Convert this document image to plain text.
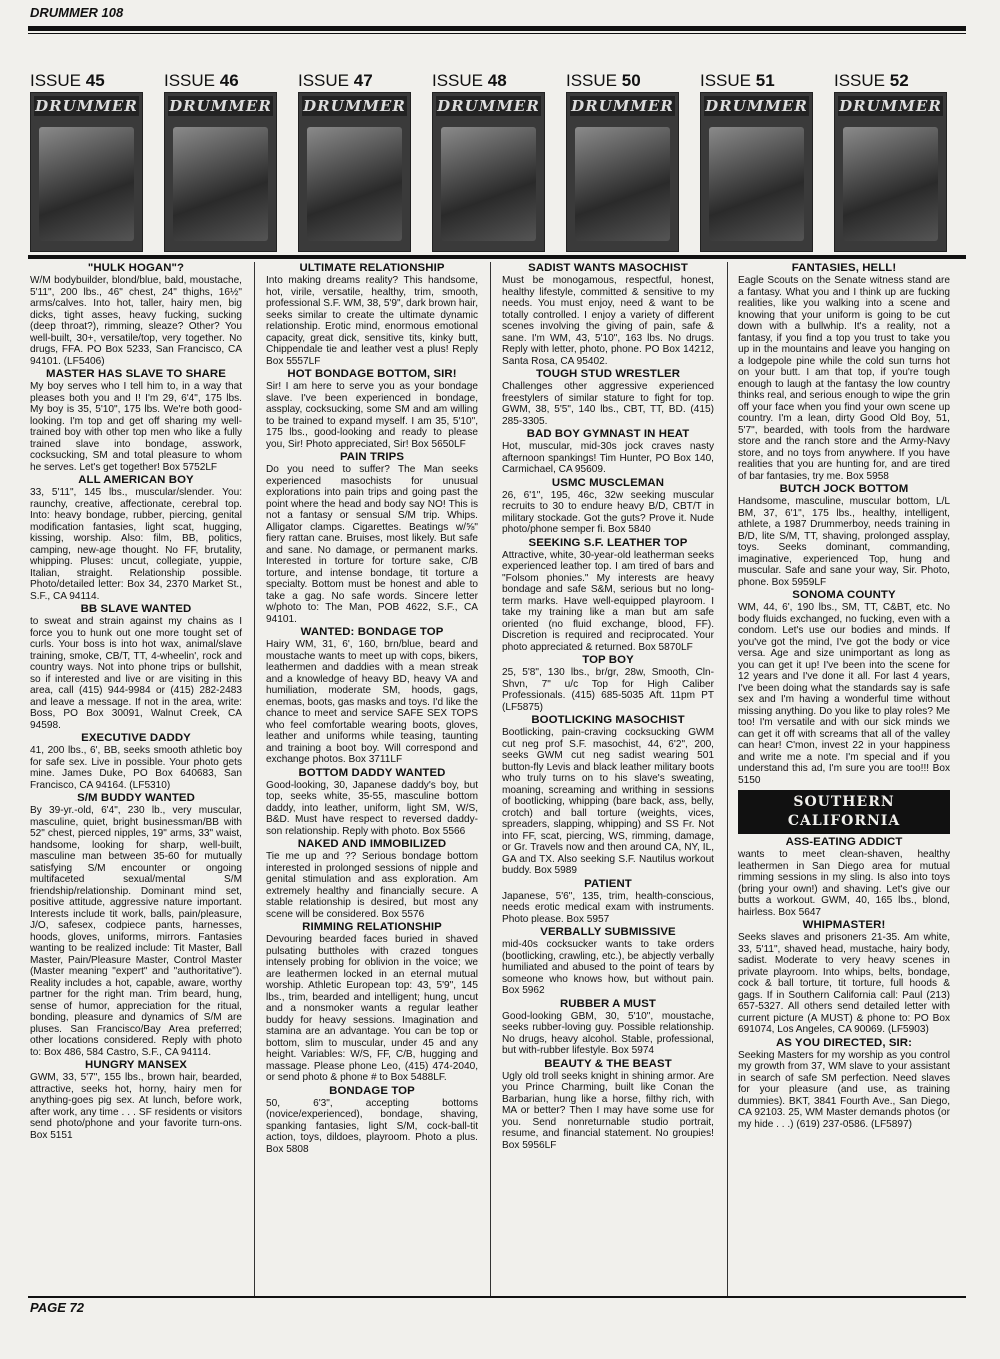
DRUMMER 108
ISSUE 45
DRUMMER
ISSUE 46
DRUMMER
ISSUE 47
DRUMMER
ISSUE 48
DRUMMER
ISSUE 50
DRUMMER
ISSUE 51
DRUMMER
ISSUE 52
DRUMMER
"HULK HOGAN"?

W/M bodybuilder, blond/blue, bald, moustache, 5'11", 200 lbs., 46" chest, 24" thighs, 16½" arms/calves. Into hot, taller, hairy men, big dicks, tight asses, heavy fucking, sucking (deep throat?), rimming, sleaze? Other? You well-built, 30+, versatile/top, very together. No drugs, FFA. PO Box 5233, San Francisco, CA 94101. (LF5406)

MASTER HAS SLAVE TO SHARE

My boy serves who I tell him to, in a way that pleases both you and I! I'm 29, 6'4", 175 lbs. My boy is 35, 5'10", 175 lbs. We're both good-looking. I'm top and get off sharing my well-trained boy with other top men who like a fully trained slave into bondage, asswork, cocksucking, SM and total pleasure to whom he serves. Let's get together! Box 5752LF

ALL AMERICAN BOY

33, 5'11", 145 lbs., muscular/slender. You: raunchy, creative, affectionate, cerebral top. Into: heavy bondage, rubber, piercing, genital modification fantasies, light scat, hugging, kissing, worship. Also: film, BB, politics, camping, new-age thought. No FF, brutality, whipping. Pluses: uncut, collegiate, yuppie, Italian, straight. Relationship possible. Photo/detailed letter: Box 34, 2370 Market St., S.F., CA 94114.

BB SLAVE WANTED

to sweat and strain against my chains as I force you to hunk out one more tought set of curls. Your boss is into hot wax, animal/slave training, smoke, CB/T, TT, 4-wheelin', rock and country ways. Not into phone trips or bullshit, so if interested and live or are visiting in this area, call (415) 944-9984 or (415) 282-2483 and leave a message. If not in the area, write: Boss, PO Box 30091, Walnut Creek, CA 94598.

EXECUTIVE DADDY

41, 200 lbs., 6', BB, seeks smooth athletic boy for safe sex. Live in possible. Your photo gets mine. James Duke, PO Box 640683, San Francisco, CA 94164. (LF5310)

S/M BUDDY WANTED

By 39-yr.-old, 6'4", 230 lb., very muscular, masculine, quiet, bright businessman/BB with 52" chest, pierced nipples, 19" arms, 33" waist, handsome, looking for sharp, well-built, masculine man between 35-60 for mutually satisfying S/M encounter or ongoing multifaceted sexual/mental S/M friendship/relationship. Dominant mind set, positive attitude, aggressive nature important. Interests include tit work, balls, pain/pleasure, J/O, safesex, codpiece pants, harnesses, hoods, gloves, uniforms, mirrors. Fantasies wanting to be realized include: Tit Master, Ball Master, Pain/Pleasure Master, Control Master (Master meaning "expert" and "authoritative"). Reality includes a hot, capable, aware, worthy partner for the right man. Trim beard, hung, sense of humor, appreciation for the ritual, bonding, pleasure and dynamics of S/M are pluses. San Francisco/Bay Area preferred; other locations considered. Reply with photo to: Box 486, 584 Castro, S.F., CA 94114.

HUNGRY MANSEX

GWM, 33, 5'7", 155 lbs., brown hair, bearded, attractive, seeks hot, horny, hairy men for anything-goes pig sex. At lunch, before work, after work, any time . . . SF residents or visitors send photo/phone and your favorite turn-ons. Box 5151

ULTIMATE RELATIONSHIP

Into making dreams reality? This handsome, hot, virile, versatile, healthy, trim, smooth, professional S.F. WM, 38, 5'9", dark brown hair, seeks similar to create the ultimate dynamic relationship. Erotic mind, enormous emotional capacity, great dick, sensitive tits, kinky butt, Chippendale tie and leather vest a plus! Reply Box 5557LF

HOT BONDAGE BOTTOM, SIR!

Sir! I am here to serve you as your bondage slave. I've been experienced in bondage, assplay, cocksucking, some SM and am willing to be trained to expand myself. I am 35, 5'10", 175 lbs., good-looking and ready to please you, Sir! Photo appreciated, Sir! Box 5650LF

PAIN TRIPS

Do you need to suffer? The Man seeks experienced masochists for unusual explorations into pain trips and going past the point where the head and body say NO! This is not a fantasy or sensual S/M trip. Whips. Alligator clamps. Cigarettes. Beatings w/⅝" fiery rattan cane. Bruises, most likely. But safe and sane. No damage, or permanent marks. Interested in torture for torture sake, C/B torture, and intense bondage, tit torture a specialty. Bottom must be honest and able to take a gag. No safe words. Sincere letter w/photo to: The Man, POB 4622, S.F., CA 94101.

WANTED: BONDAGE TOP

Hairy WM, 31, 6', 160, brn/blue, beard and moustache wants to meet up with cops, bikers, leathermen and daddies with a mean streak and a knowledge of heavy BD, heavy VA and humiliation, moderate SM, hoods, gags, enemas, boots, gas masks and toys. I'd like the chance to meet and service SAFE SEX TOPS who feel comfortable wearing boots, gloves, leather and uniforms while teasing, taunting and training a boot boy. Will correspond and exchange photos. Box 3711LF

BOTTOM DADDY WANTED

Good-looking, 30, Japanese daddy's boy, but top, seeks white, 35-55, masculine bottom daddy, into leather, uniform, light SM, W/S, B&D. Must have respect to reversed daddy-son relationship. Reply with photo. Box 5566

NAKED AND IMMOBILIZED

Tie me up and ?? Serious bondage bottom interested in prolonged sessions of nipple and genital stimulation and ass exploration. Am extremely healthy and financially secure. A stable relationship is desired, but most any scene will be considered. Box 5576

RIMMING RELATIONSHIP

Devouring bearded faces buried in shaved pulsating buttholes with crazed tongues intensely probing for oblivion in the voice; we are leathermen locked in an eternal mutual worship. Athletic European top: 43, 5'9", 145 lbs., trim, bearded and intelligent; hung, uncut and a nonsmoker wants a regular leather buddy for heavy sessions. Imagination and stamina are an advantage. You can be top or bottom, slim to muscular, under 45 and any height. Variables: W/S, FF, C/B, hugging and massage. Please phone Leo, (415) 474-2040, or send photo & phone # to Box 5488LF.

BONDAGE TOP

50, 6'3", accepting bottoms (novice/experienced), bondage, shaving, spanking fantasies, light S/M, cock-ball-tit action, toys, dildoes, playroom. Photo a plus. Box 5808

SADIST WANTS MASOCHIST

Must be monogamous, respectful, honest, healthy lifestyle, committed & sensitive to my needs. You must enjoy, need & want to be totally controlled. I enjoy a variety of different scenes involving the giving of pain, safe & sane. I'm WM, 43, 5'10", 163 lbs. No drugs. Reply with letter, photo, phone. PO Box 14212, Santa Rosa, CA 95402.

TOUGH STUD WRESTLER

Challenges other aggressive experienced freestylers of similar stature to fight for top. GWM, 38, 5'5", 140 lbs., CBT, TT, BD. (415) 285-3305.

BAD BOY GYMNAST IN HEAT

Hot, muscular, mid-30s jock craves nasty afternoon spankings! Tim Hunter, PO Box 140, Carmichael, CA 95609.

USMC MUSCLEMAN

26, 6'1", 195, 46c, 32w seeking muscular recruits to 30 to endure heavy B/D, CBT/T in military stockade. Got the guts? Prove it. Nude photo/phone semper fi. Box 5840

SEEKING S.F. LEATHER TOP

Attractive, white, 30-year-old leatherman seeks experienced leather top. I am tired of bars and "Folsom phonies." My interests are heavy bondage and safe S&M, serious but no long-term marks. Have well-equipped playroom. I take my training like a man but am safe oriented (no fluid exchange, blood, FF). Discretion is required and reciprocated. Your photo appreciated & returned. Box 5870LF

TOP BOY

25, 5'8", 130 lbs., br/gr, 28w, Smooth, Cln-Shvn, 7" u/c Top for High Caliber Professionals. (415) 685-5035 Aft. 11pm PT (LF5875)

BOOTLICKING MASOCHIST

Bootlicking, pain-craving cocksucking GWM cut neg prof S.F. masochist, 44, 6'2", 200, seeks GWM cut neg sadist wearing 501 button-fly Levis and black leather military boots who truly turns on to his slave's sweating, moaning, screaming and writhing in sessions of bootlicking, whipping (bare back, ass, belly, crotch) and ball torture (weights, vices, spreaders, slapping, whipping) and SS Fr. Not into FF, scat, piercing, WS, rimming, damage, or Gr. Travels now and then around CA, NY, IL, GA and TX. Also seeking S.F. Nautilus workout buddy. Box 5989

PATIENT

Japanese, 5'6", 135, trim, health-conscious, needs erotic medical exam with instruments. Photo please. Box 5957

VERBALLY SUBMISSIVE

mid-40s cocksucker wants to take orders (bootlicking, crawling, etc.), be abjectly verbally humiliated and abused to the point of tears by someone who knows how, but without pain. Box 5962

RUBBER A MUST

Good-looking GBM, 30, 5'10", moustache, seeks rubber-loving guy. Possible relationship. No drugs, heavy alcohol. Stable, professional, but with-rubber lifestyle. Box 5974

BEAUTY & THE BEAST

Ugly old troll seeks knight in shining armor. Are you Prince Charming, built like Conan the Barbarian, hung like a horse, filthy rich, with MA or better? Then I may have some use for you. Send nonreturnable studio portrait, resume, and financial statement. No groupies! Box 5956LF

FANTASIES, HELL!

Eagle Scouts on the Senate witness stand are a fantasy. What you and I think up are fucking realities, like you walking into a scene and knowing that your uniform is going to be cut down with a bullwhip. It's a reality, not a fantasy, if you find a top you trust to take you up in the mountains and leave you hanging on a lodgepole pine while the cold sun turns hot on your butt. I am that top, if you're tough enough to laugh at the fantasy the low country thinks real, and serious enough to wipe the grin off your face when you find your own scene up country. I'm a lean, dirty Good Old Boy, 51, 5'7", bearded, with tools from the hardware store and the ranch store and the Army-Navy store, and no toys from anywhere. If you have realities that you are hunting for, and are tired of bar fantasies, try me. Box 5958

BUTCH JOCK BOTTOM

Handsome, masculine, muscular bottom, L/L BM, 37, 6'1", 175 lbs., healthy, intelligent, athlete, a 1987 Drummerboy, needs training in B/D, lite S/M, TT, shaving, prolonged assplay, toys. Seeks dominant, commanding, imaginative, experienced Top, hung and muscular. Safe and sane your way, Sir. Photo, phone. Box 5959LF

SONOMA COUNTY

WM, 44, 6', 190 lbs., SM, TT, C&BT, etc. No body fluids exchanged, no fucking, even with a condom. Let's use our bodies and minds. If you've got the mind, I've got the body or vice versa. Age and size unimportant as long as you can get it up! I've been into the scene for 12 years and I've done it all. For last 4 years, I've been doing what the standards say is safe sex and I'm having a wonderful time without missing anything. Do you like to play roles? Me too! I'm versatile and with our sick minds we can get it off with screams that all of the valley can hear! C'mon, invest 22 in your happiness and write me a note. I'm special and if you understand this ad, I'm sure you are too!!! Box 5150

SOUTHERN CALIFORNIA
ASS-EATING ADDICT

wants to meet clean-shaven, healthy leathermen in San Diego area for mutual rimming sessions in my sling. Is also into toys (bring your own!) and shaving. Let's give our butts a workout. GWM, 40, 165 lbs., blond, hairless. Box 5647

WHIPMASTER!

Seeks slaves and prisoners 21-35. Am white, 33, 5'11", shaved head, mustache, hairy body, sadist. Moderate to very heavy scenes in private playroom. Into whips, belts, bondage, cock & ball torture, tit torture, full hoods & gags. If in Southern California call: Paul (213) 657-5327. All others send detailed letter with current picture (A MUST) & phone to: PO Box 691074, Los Angeles, CA 90069. (LF5903)

AS YOU DIRECTED, SIR:

Seeking Masters for my worship as you control my growth from 37, WM slave to your assistant in search of safe SM perfection. Need slaves for your pleasure (and use, as training dummies). BKT, 3841 Fourth Ave., San Diego, CA 92103. 25, WM Master demands photos (or my hide . . .) (619) 237-0586. (LF5897)

PAGE 72
